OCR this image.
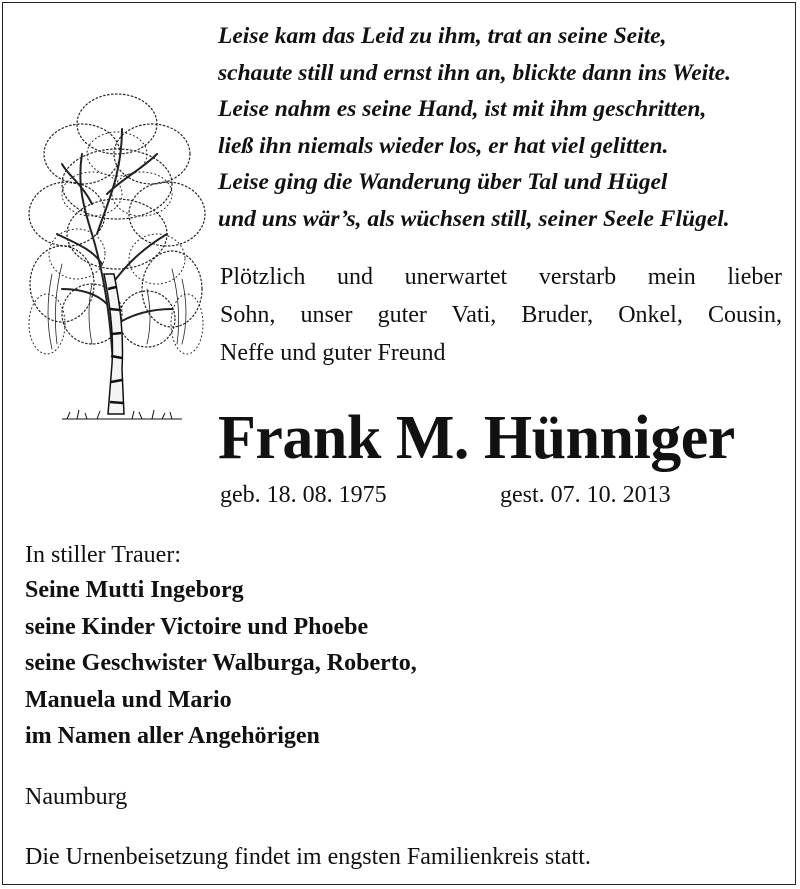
Leise kam das Leid zu ihm, trat an seine Seite,
schaute still und ernst ihn an, blickte dann ins Weite.
Leise nahm es seine Hand, ist mit ihm geschritten,
ließ ihn niemals wieder los, er hat viel gelitten.
Leise ging die Wanderung über Tal und Hügel
und uns wär’s, als wüchsen still, seiner Seele Flügel.
Plötzlich und unerwartet verstarb mein lieber
Sohn, unser guter Vati, Bruder, Onkel, Cousin,
Neffe und guter Freund
Frank M. Hünniger
geb. 18. 08. 1975	gest. 07. 10. 2013
In stiller Trauer:
Seine Mutti Ingeborg
seine Kinder Victoire und Phoebe
seine Geschwister Walburga, Roberto,
Manuela und Mario
im Namen aller Angehörigen
Naumburg
Die Urnenbeisetzung findet im engsten Familienkreis statt.
